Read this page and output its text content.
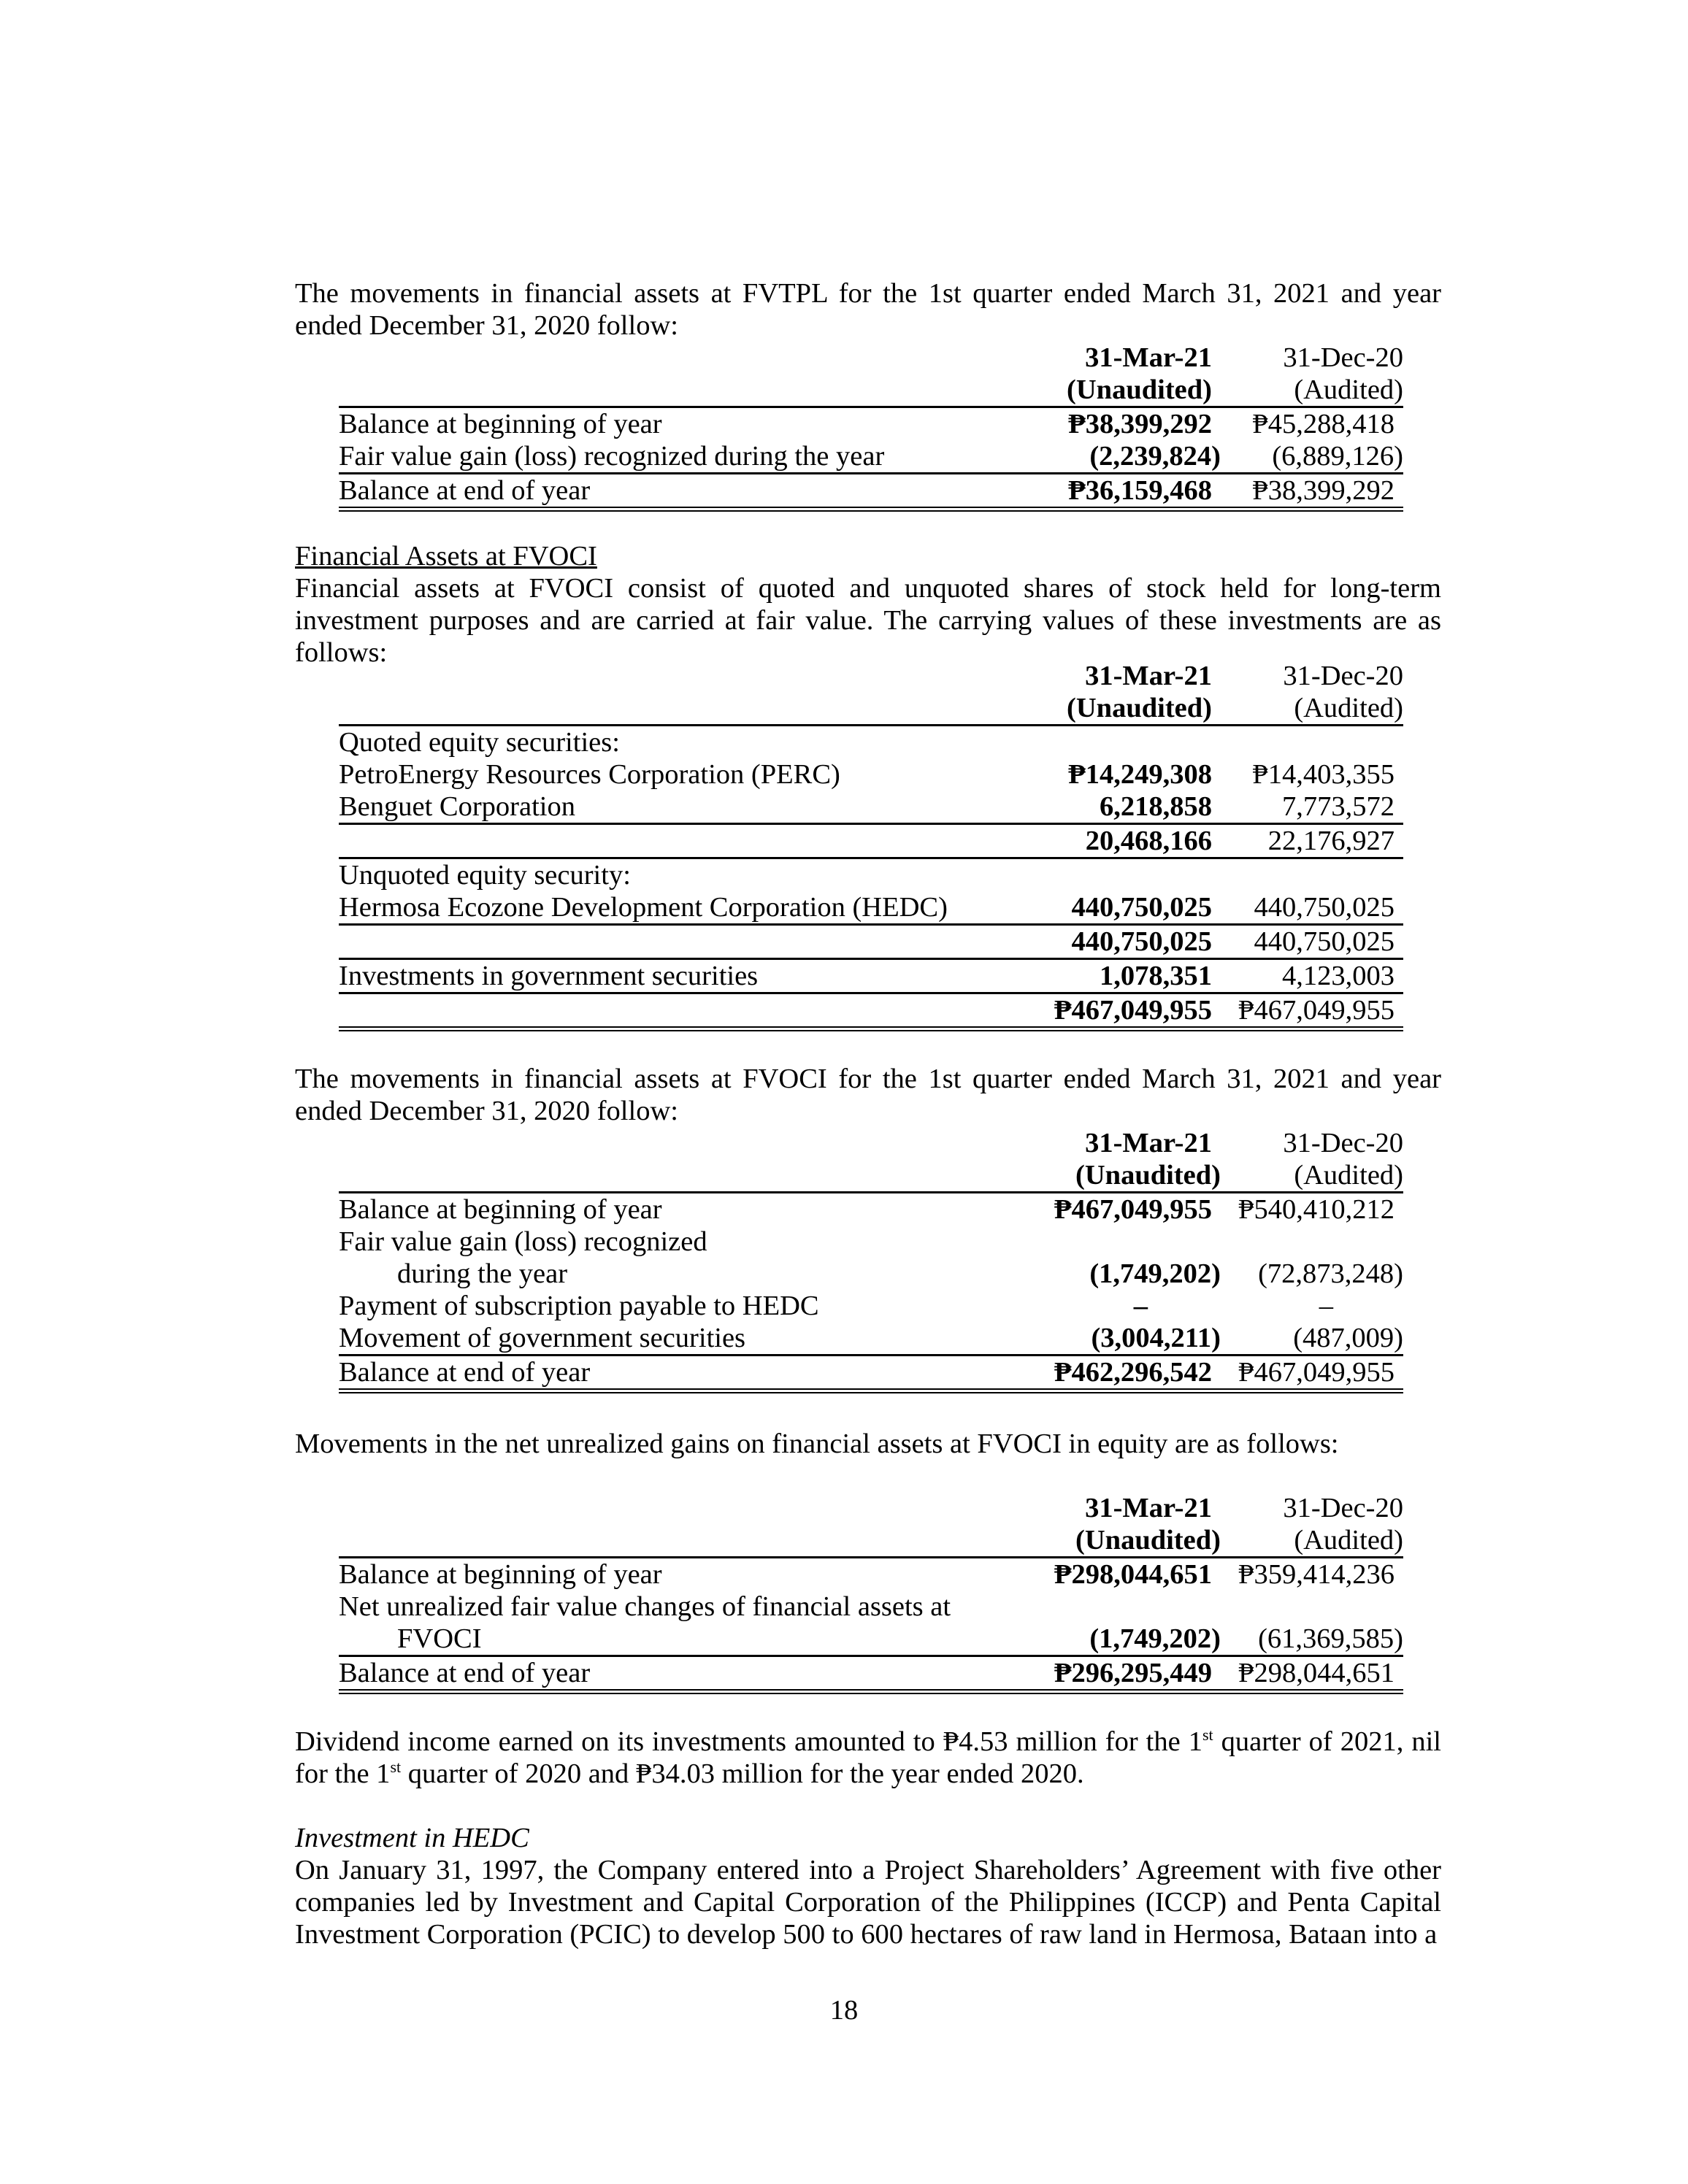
The movements in financial assets at FVTPL for the 1st quarter ended March 31, 2021 and year ended December 31, 2020 follow:

	31-Mar-21	31-Dec-20
	(Unaudited)	(Audited)
Balance at beginning of year	₱38,399,292	₱45,288,418
Fair value gain (loss) recognized during the year	(2,239,824)	(6,889,126)
Balance at end of year	₱36,159,468	₱38,399,292

Financial Assets at FVOCI

Financial assets at FVOCI consist of quoted and unquoted shares of stock held for long-term investment purposes and are carried at fair value. The carrying values of these investments are as follows:

	31-Mar-21	31-Dec-20
	(Unaudited)	(Audited)
Quoted equity securities:		
PetroEnergy Resources Corporation (PERC)	₱14,249,308	₱14,403,355
Benguet Corporation	6,218,858	7,773,572
	20,468,166	22,176,927
Unquoted equity security:		
Hermosa Ecozone Development Corporation (HEDC)	440,750,025	440,750,025
	440,750,025	440,750,025
Investments in government securities	1,078,351	4,123,003
	₱467,049,955	₱467,049,955

The movements in financial assets at FVOCI for the 1st quarter ended March 31, 2021 and year ended December 31, 2020 follow:

	31-Mar-21	31-Dec-20
	(Unaudited)	(Audited)
Balance at beginning of year	₱467,049,955	₱540,410,212
Fair value gain (loss) recognized		
during the year	(1,749,202)	(72,873,248)
Payment of subscription payable to HEDC	–	–
Movement of government securities	(3,004,211)	(487,009)
Balance at end of year	₱462,296,542	₱467,049,955

Movements in the net unrealized gains on financial assets at FVOCI in equity are as follows:

	31-Mar-21	31-Dec-20
	(Unaudited)	(Audited)
Balance at beginning of year	₱298,044,651	₱359,414,236
Net unrealized fair value changes of financial assets at		
FVOCI	(1,749,202)	(61,369,585)
Balance at end of year	₱296,295,449	₱298,044,651

Dividend income earned on its investments amounted to ₱4.53 million for the 1st quarter of 2021, nil for the 1st quarter of 2020 and ₱34.03 million for the year ended 2020.

Investment in HEDC

On January 31, 1997, the Company entered into a Project Shareholders’ Agreement with five other companies led by Investment and Capital Corporation of the Philippines (ICCP) and Penta Capital Investment Corporation (PCIC) to develop 500 to 600 hectares of raw land in Hermosa, Bataan into a

18
